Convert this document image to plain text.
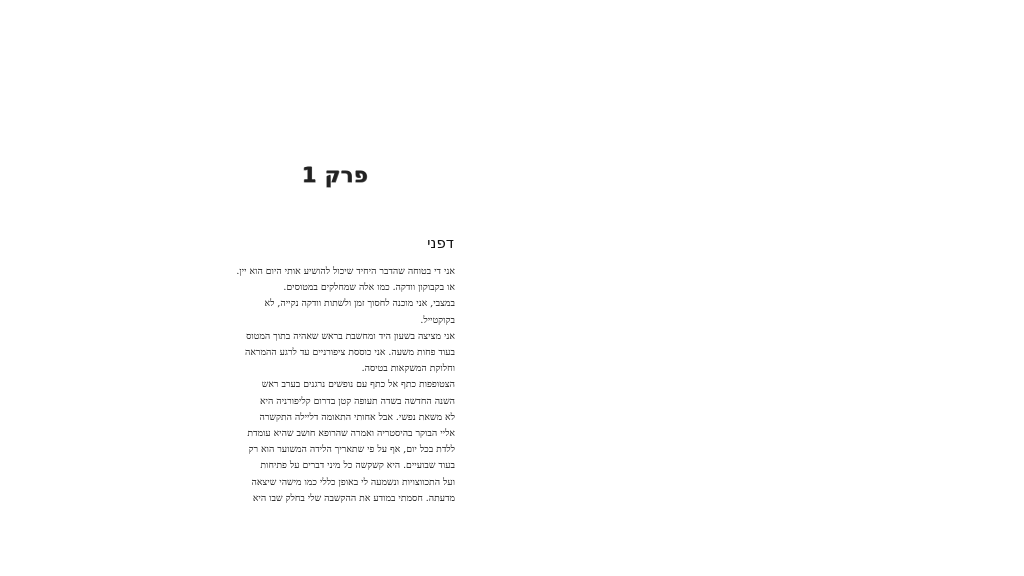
פרק 1
דפני
אני די בטוחה שהדבר היחיד שיכול להושיע אותי היום הוא יין.
או בקבוקון וודקה. כמו אלה שמחלקים במטוסים.
במצבי, אני מוכנה לחסוך זמן ולשתות וודקה נקייה, לא
בקוקטייל.
אני מציצה בשעון היד ומחשבת בראש שאהיה בתוך המטוס
בעוד פחות משעה. אני כוססת ציפורניים עד לרגע ההמראה
וחלוקת המשקאות בטיסה.
הצטופפות כתף אל כתף עם נופשים נרגנים בערב ראש
השנה החדשה בשדה תעופה קטן בדרום קליפורניה היא
לא משאת נפשי. אבל אחותי התאומה דליילה התקשרה
אליי הבוקר בהיסטריה ואמרה שהרופא חושב שהיא עומדת
ללדת בכל יום, אף על פי שתאריך הלידה המשוער הוא רק
בעוד שבועיים. היא קשקשה כל מיני דברים על פתיחות
ועל התכווצויות ונשמעה לי באופן כללי כמו מישהי שיצאה
מדעתה. חסמתי במודע את ההקשבה שלי בחלק שבו היא
